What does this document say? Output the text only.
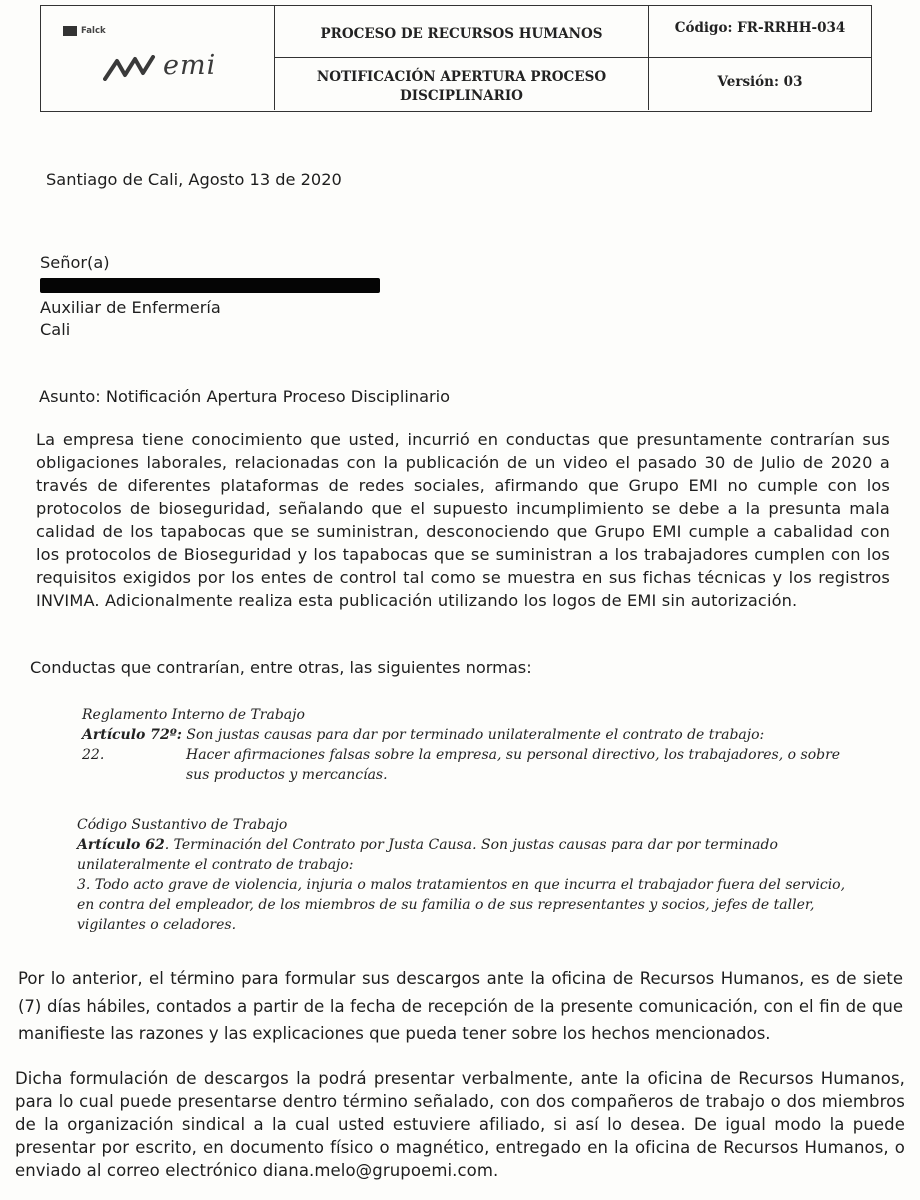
Falck
emi
PROCESO DE RECURSOS HUMANOS	Código: FR-RRHH-034
NOTIFICACIÓN APERTURA PROCESO DISCIPLINARIO
Versión: 03
Santiago de Cali, Agosto 13 de 2020
Señor(a)
Auxiliar de Enfermería
Cali
Asunto: Notificación Apertura Proceso Disciplinario
La empresa tiene conocimiento que usted, incurrió en conductas que presuntamente contrarían sus obligaciones laborales, relacionadas con la publicación de un video el pasado 30 de Julio de 2020 a través de diferentes plataformas de redes sociales, afirmando que Grupo EMI no cumple con los protocolos de bioseguridad, señalando que el supuesto incumplimiento se debe a la presunta mala calidad de los tapabocas que se suministran, desconociendo que Grupo EMI cumple a cabalidad con los protocolos de Bioseguridad y los tapabocas que se suministran a los trabajadores cumplen con los requisitos exigidos por los entes de control tal como se muestra en sus fichas técnicas y los registros INVIMA. Adicionalmente realiza esta publicación utilizando los logos de EMI sin autorización.
Conductas que contrarían, entre otras, las siguientes normas:
Reglamento Interno de Trabajo
Artículo 72º: Son justas causas para dar por terminado unilateralmente el contrato de trabajo:
22.	Hacer afirmaciones falsas sobre la empresa, su personal directivo, los trabajadores, o sobre sus productos y mercancías.
Código Sustantivo de Trabajo
Artículo 62. Terminación del Contrato por Justa Causa. Son justas causas para dar por terminado unilateralmente el contrato de trabajo:
3. Todo acto grave de violencia, injuria o malos tratamientos en que incurra el trabajador fuera del servicio, en contra del empleador, de los miembros de su familia o de sus representantes y socios, jefes de taller, vigilantes o celadores.
Por lo anterior, el término para formular sus descargos ante la oficina de Recursos Humanos, es de siete (7) días hábiles, contados a partir de la fecha de recepción de la presente comunicación, con el fin de que manifieste las razones y las explicaciones que pueda tener sobre los hechos mencionados.
Dicha formulación de descargos la podrá presentar verbalmente, ante la oficina de Recursos Humanos, para lo cual puede presentarse dentro término señalado, con dos compañeros de trabajo o dos miembros de la organización sindical a la cual usted estuviere afiliado, si así lo desea. De igual modo la puede presentar por escrito, en documento físico o magnético, entregado en la oficina de Recursos Humanos, o enviado al correo electrónico diana.melo@grupoemi.com.
